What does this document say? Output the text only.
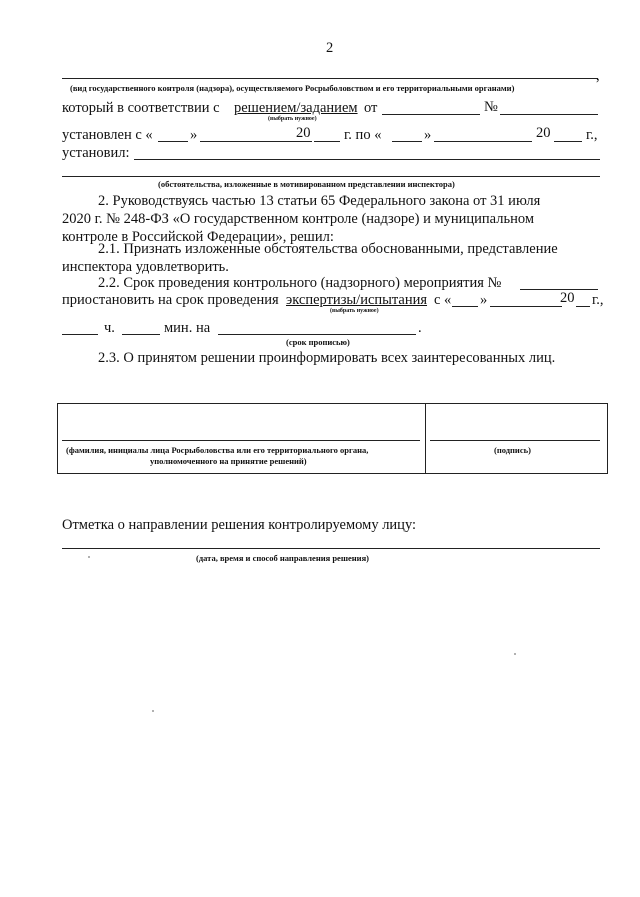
2
,
(вид государственного контроля (надзора), осуществляемого Росрыболовством и его территориальными органами)
который в соответствии с решением/заданием от	№
(выбрать нужное)
установлен с «	»	20 г. по «	»	20 г.,
установил:
(обстоятельства, изложенные в мотивированном представлении инспектора)
2. Руководствуясь частью 13 статьи 65 Федерального закона от 31 июля
2020 г. № 248-ФЗ «О государственном контроле (надзоре) и муниципальном
контроле в Российской Федерации», решил:
2.1. Признать изложенные обстоятельства обоснованными, представление
инспектора удовлетворить.
2.2. Срок проведения контрольного (надзорного) мероприятия №
приостановить на срок проведения экспертизы/испытания с « »	20 г.,
(выбрать нужное)
ч.	мин. на	.
(срок прописью)
2.3. О принятом решении проинформировать всех заинтересованных лиц.
(фамилия, инициалы лица Росрыболовства или его территориального органа,
уполномоченного на принятие решений)
(подпись)
Отметка о направлении решения контролируемому лицу:
(дата, время и способ направления решения)
